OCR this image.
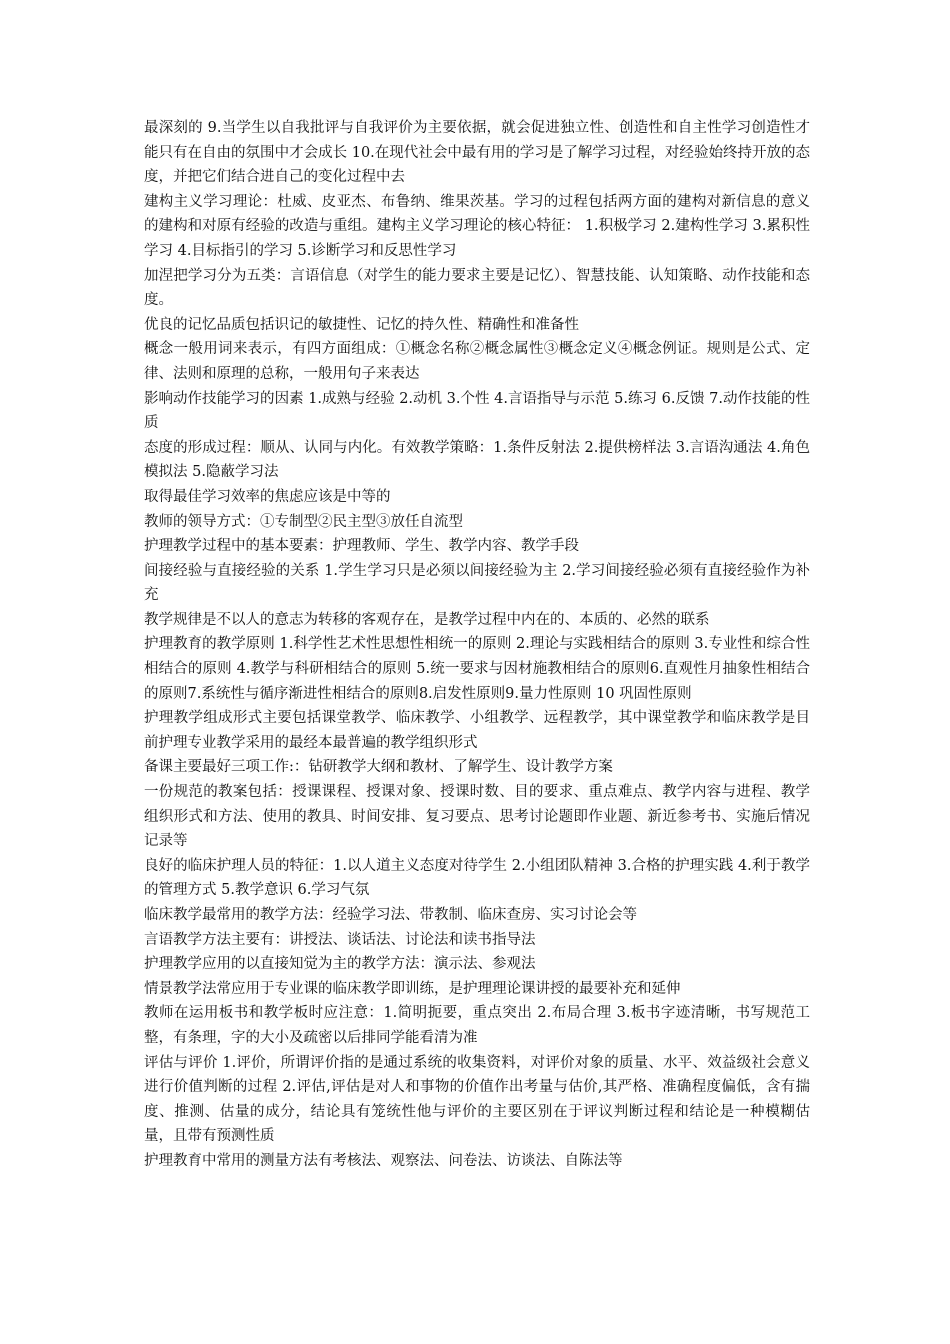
最深刻的 9.当学生以自我批评与自我评价为主要依据，就会促进独立性、创造性和自主性学习创造性才能只有在自由的氛围中才会成长 10.在现代社会中最有用的学习是了解学习过程，对经验始终持开放的态度，并把它们结合进自己的变化过程中去

建构主义学习理论：杜威、皮亚杰、布鲁纳、维果茨基。学习的过程包括两方面的建构对新信息的意义的建构和对原有经验的改造与重组。建构主义学习理论的核心特征： 1.积极学习 2.建构性学习 3.累积性学习 4.目标指引的学习 5.诊断学习和反思性学习

加涅把学习分为五类：言语信息（对学生的能力要求主要是记忆）、智慧技能、认知策略、动作技能和态度。

优良的记忆品质包括识记的敏捷性、记忆的持久性、精确性和准备性

概念一般用词来表示，有四方面组成：①概念名称②概念属性③概念定义④概念例证。规则是公式、定律、法则和原理的总称，一般用句子来表达

影响动作技能学习的因素 1.成熟与经验 2.动机 3.个性 4.言语指导与示范 5.练习 6.反馈 7.动作技能的性质

态度的形成过程：顺从、认同与内化。有效教学策略：1.条件反射法 2.提供榜样法 3.言语沟通法 4.角色模拟法 5.隐蔽学习法

取得最佳学习效率的焦虑应该是中等的

教师的领导方式：①专制型②民主型③放任自流型

护理教学过程中的基本要素：护理教师、学生、教学内容、教学手段

间接经验与直接经验的关系 1.学生学习只是必须以间接经验为主 2.学习间接经验必须有直接经验作为补充

教学规律是不以人的意志为转移的客观存在，是教学过程中内在的、本质的、必然的联系

护理教育的教学原则 1.科学性艺术性思想性相统一的原则 2.理论与实践相结合的原则 3.专业性和综合性相结合的原则 4.教学与科研相结合的原则 5.统一要求与因材施教相结合的原则6.直观性月抽象性相结合的原则7.系统性与循序渐进性相结合的原则8.启发性原则9.量力性原则 10 巩固性原则

护理教学组成形式主要包括课堂教学、临床教学、小组教学、远程教学，其中课堂教学和临床教学是目前护理专业教学采用的最经本最普遍的教学组织形式

备课主要最好三项工作:：钻研教学大纲和教材、了解学生、设计教学方案

一份规范的教案包括：授课课程、授课对象、授课时数、目的要求、重点难点、教学内容与进程、教学组织形式和方法、使用的教具、时间安排、复习要点、思考讨论题即作业题、新近参考书、实施后情况记录等

良好的临床护理人员的特征：1.以人道主义态度对待学生 2.小组团队精神 3.合格的护理实践 4.利于教学的管理方式 5.教学意识 6.学习气氛

临床教学最常用的教学方法：经验学习法、带教制、临床查房、实习讨论会等

言语教学方法主要有：讲授法、谈话法、讨论法和读书指导法

护理教学应用的以直接知觉为主的教学方法：演示法、参观法

情景教学法常应用于专业课的临床教学即训练，是护理理论课讲授的最要补充和延伸

教师在运用板书和教学板时应注意：1.简明扼要，重点突出 2.布局合理 3.板书字迹清晰，书写规范工整，有条理，字的大小及疏密以后排同学能看清为准

评估与评价 1.评价，所谓评价指的是通过系统的收集资料，对评价对象的质量、水平、效益级社会意义进行价值判断的过程 2.评估,评估是对人和事物的价值作出考量与估价,其严格、准确程度偏低，含有揣度、推测、估量的成分，结论具有笼统性他与评价的主要区别在于评议判断过程和结论是一种模糊估量，且带有预测性质

护理教育中常用的测量方法有考核法、观察法、问卷法、访谈法、自陈法等
